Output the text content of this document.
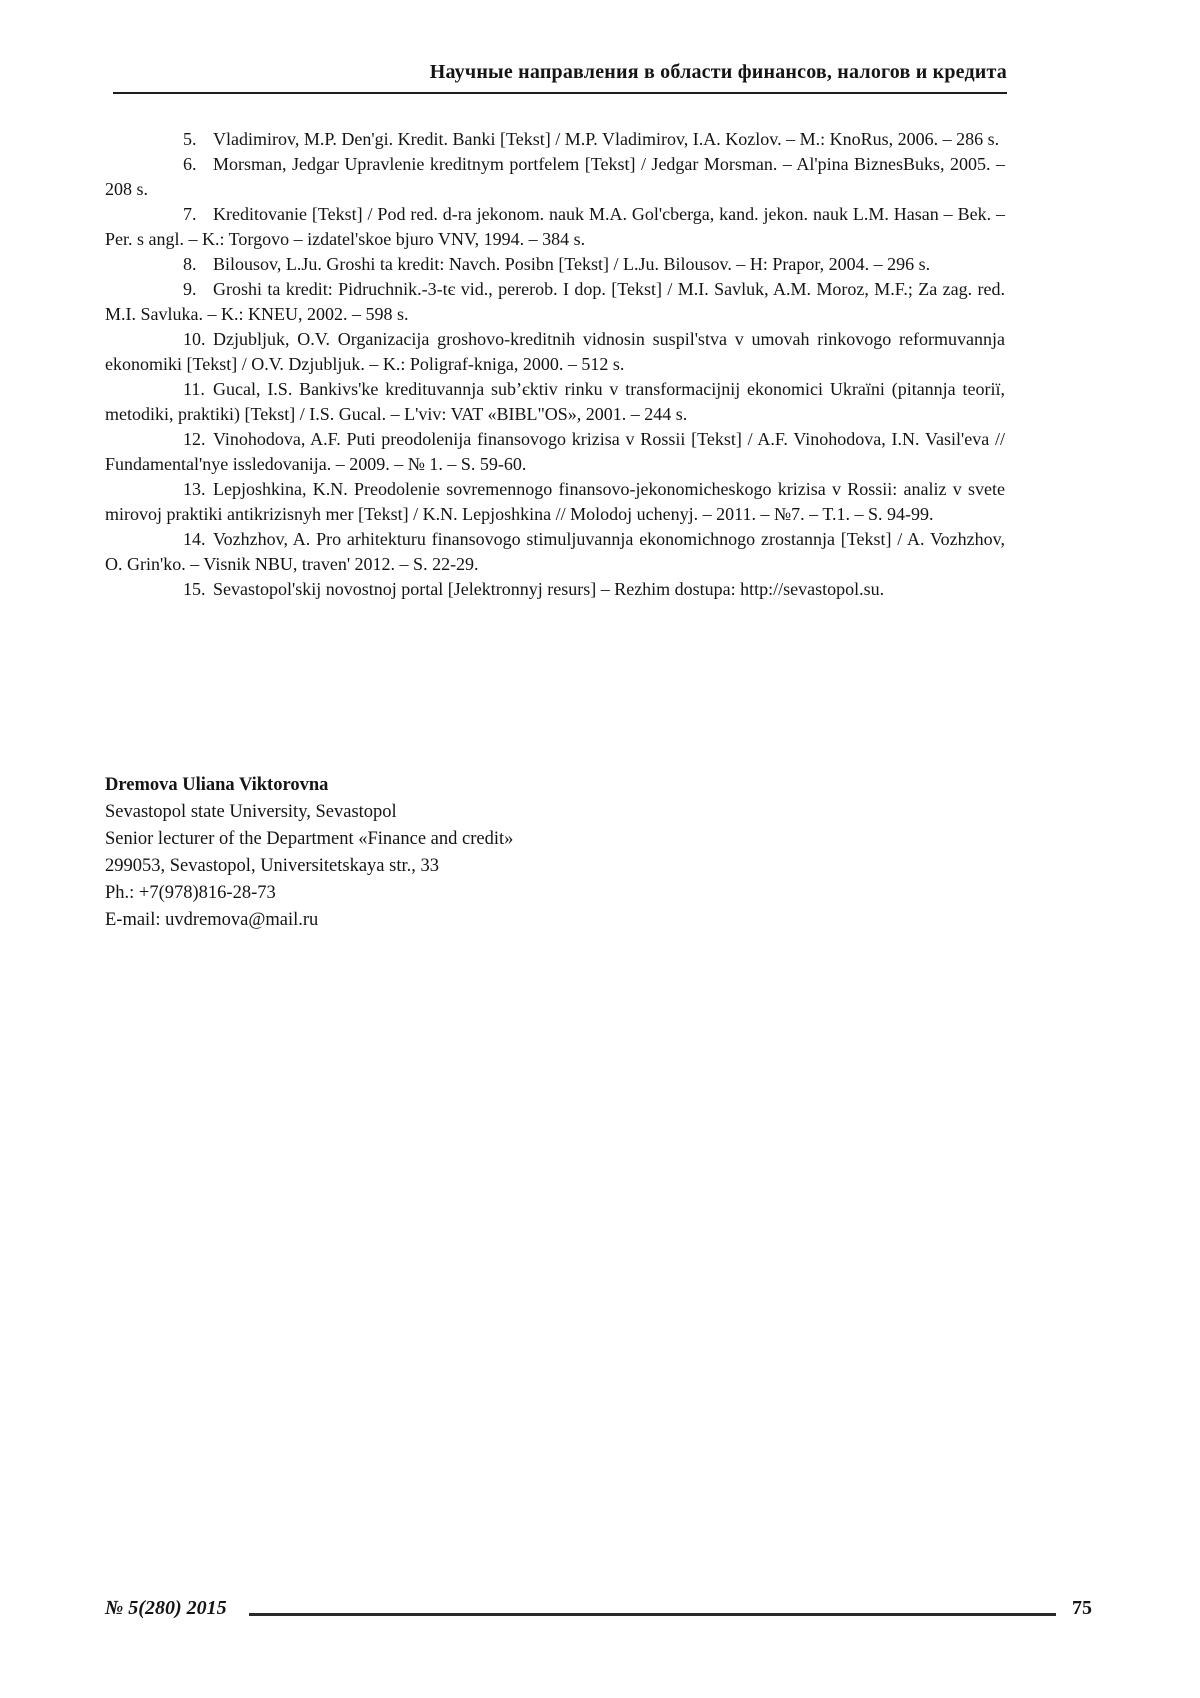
Научные направления в области финансов, налогов и кредита

5. Vladimirov, M.P. Den'gi. Kredit. Banki [Tekst] / M.P. Vladimirov, I.A. Kozlov. – M.: KnoRus, 2006. – 286 s.

6. Morsman, Jedgar Upravlenie kreditnym portfelem [Tekst] / Jedgar Morsman. – Al'pina BiznesBuks, 2005. – 208 s.

7. Kreditovanie [Tekst] / Pod red. d-ra jekonom. nauk M.A. Gol'cberga, kand. jekon. nauk L.M. Hasan – Bek. – Per. s angl. – K.: Torgovo – izdatel'skoe bjuro VNV, 1994. – 384 s.

8. Bilousov, L.Ju. Groshi ta kredit: Navch. Posibn [Tekst] / L.Ju. Bilousov. – H: Prapor, 2004. – 296 s.

9. Groshi ta kredit: Pidruchnik.-3-tє vid., pererob. I dop. [Tekst] / M.I. Savluk, A.M. Moroz, M.F.; Za zag. red. M.I. Savluka. – K.: KNEU, 2002. – 598 s.

10. Dzjubljuk, O.V. Organizacija groshovo-kreditnih vidnosin suspil'stva v umovah rinkovogo reformuvannja ekonomiki [Tekst] / O.V. Dzjubljuk. – K.: Poligraf-kniga, 2000. – 512 s.

11. Gucal, I.S. Bankivs'ke kredituvannja sub’єktiv rinku v transformacijnij ekonomici Ukraïni (pitannja teoriï, metodiki, praktiki) [Tekst] / I.S. Gucal. – L'viv: VAT «BIBL"OS», 2001. – 244 s.

12. Vinohodova, A.F. Puti preodolenija finansovogo krizisa v Rossii [Tekst] / A.F. Vinohodova, I.N. Vasil'eva // Fundamental'nye issledovanija. – 2009. – № 1. – S. 59-60.

13. Lepjoshkina, K.N. Preodolenie sovremennogo finansovo-jekonomicheskogo krizisa v Rossii: analiz v svete mirovoj praktiki antikrizisnyh mer [Tekst] / K.N. Lepjoshkina // Molodoj uchenyj. – 2011. – №7. – T.1. – S. 94-99.

14. Vozhzhov, A. Pro arhitekturu finansovogo stimuljuvannja ekonomichnogo zrostannja [Tekst] / A. Vozhzhov, O. Grin'ko. – Visnik NBU, traven' 2012. – S. 22-29.

15. Sevastopol'skij novostnoj portal [Jelektronnyj resurs] – Rezhim dostupa: http://sevastopol.su.

Dremova Uliana Viktorovna

Sevastopol state University, Sevastopol

Senior lecturer of the Department «Finance and credit»

299053, Sevastopol, Universitetskaya str., 33

Ph.: +7(978)816-28-73

E-mail: uvdremova@mail.ru

№ 5(280) 2015	75
